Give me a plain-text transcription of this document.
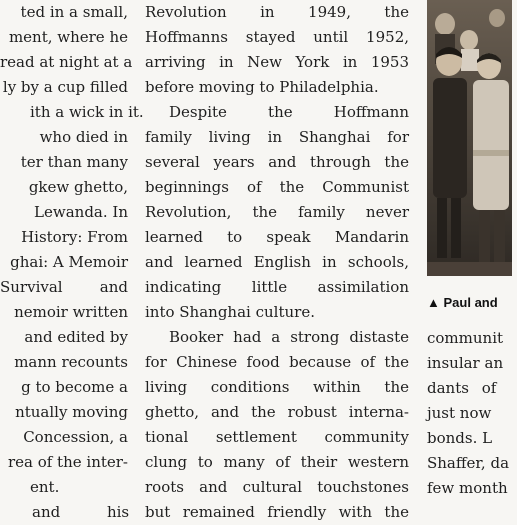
ted in a small,
ment, where he
read at night at a
ly by a cup filled
ith a wick in it.
who died in
ter than many
gkew ghetto,
Lewanda. In
History: From
ghai: A Memoir
Survival and
nemoir written
and edited by
mann recounts
g to become a
ntually moving
Concession, a
rea of the inter-
ent.
and his
Revolution in 1949, the
Hoffmanns stayed until 1952,
arriving in New York in 1953
before moving to Philadelphia.
Despite the Hoffmann
family living in Shanghai for
several years and through the
beginnings of the Communist
Revolution, the family never
learned to speak Mandarin
and learned English in schools,
indicating little assimilation
into Shanghai culture.
Booker had a strong distaste
for Chinese food because of the
living conditions within the
ghetto, and the robust interna-
tional settlement community
clung to many of their western
roots and cultural touchstones
but remained friendly with the
▲ Paul and
communit
insular an
dants of
just now
bonds. L
Shaffer, da
few month
